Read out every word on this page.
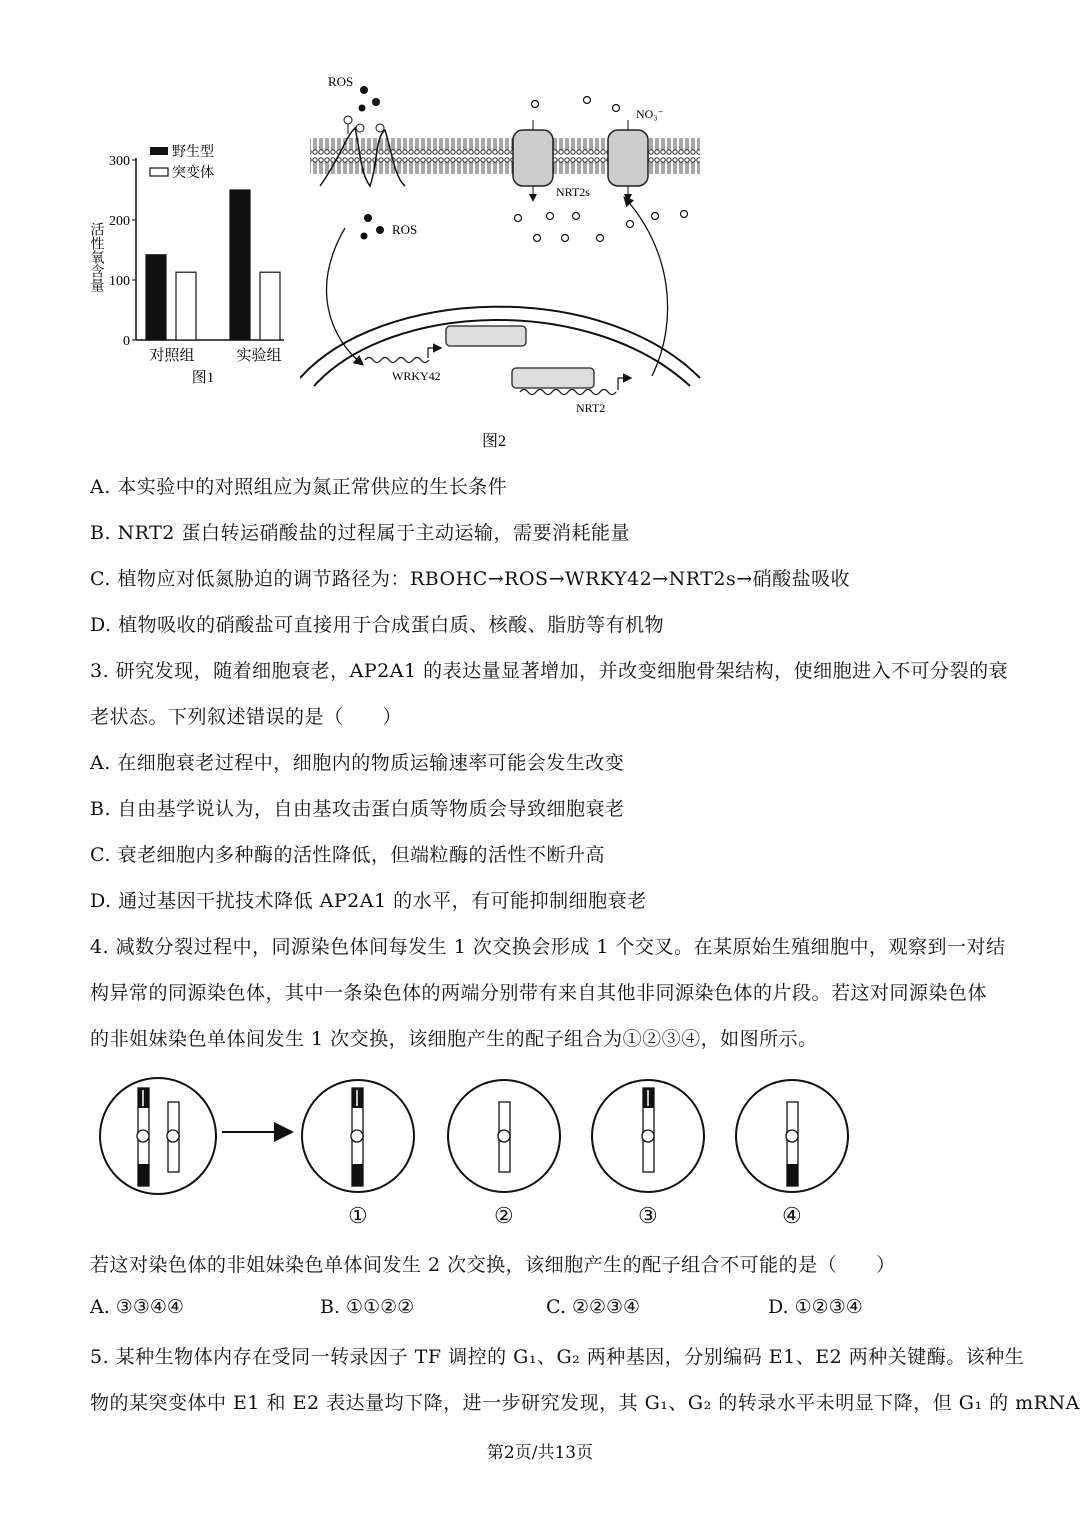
0
100
200
300
对照组	实验组
图1
野生型
突变体
活性氧含量
ROS
NRT2s
NO₃⁻
ROS
WRKY42
NRT2
图2
A. 本实验中的对照组应为氮正常供应的生长条件
B. NRT2 蛋白转运硝酸盐的过程属于主动运输，需要消耗能量
C. 植物应对低氮胁迫的调节路径为：RBOHC→ROS→WRKY42→NRT2s→硝酸盐吸收
D. 植物吸收的硝酸盐可直接用于合成蛋白质、核酸、脂肪等有机物
3. 研究发现，随着细胞衰老，AP2A1 的表达量显著增加，并改变细胞骨架结构，使细胞进入不可分裂的衰
老状态。下列叙述错误的是（　　）
A. 在细胞衰老过程中，细胞内的物质运输速率可能会发生改变
B. 自由基学说认为，自由基攻击蛋白质等物质会导致细胞衰老
C. 衰老细胞内多种酶的活性降低，但端粒酶的活性不断升高
D. 通过基因干扰技术降低 AP2A1 的水平，有可能抑制细胞衰老
4. 减数分裂过程中，同源染色体间每发生 1 次交换会形成 1 个交叉。在某原始生殖细胞中，观察到一对结
构异常的同源染色体，其中一条染色体的两端分别带有来自其他非同源染色体的片段。若这对同源染色体
的非姐妹染色单体间发生 1 次交换，该细胞产生的配子组合为①②③④，如图所示。
①	②	③	④
若这对染色体的非姐妹染色单体间发生 2 次交换，该细胞产生的配子组合不可能的是（　　）
A. ③③④④	B. ①①②②	C. ②②③④	D. ①②③④
5. 某种生物体内存在受同一转录因子 TF 调控的 G₁、G₂ 两种基因，分别编码 E1、E2 两种关键酶。该种生
物的某突变体中 E1 和 E2 表达量均下降，进一步研究发现，其 G₁、G₂ 的转录水平未明显下降，但 G₁ 的 mRNA
第2页/共13页
